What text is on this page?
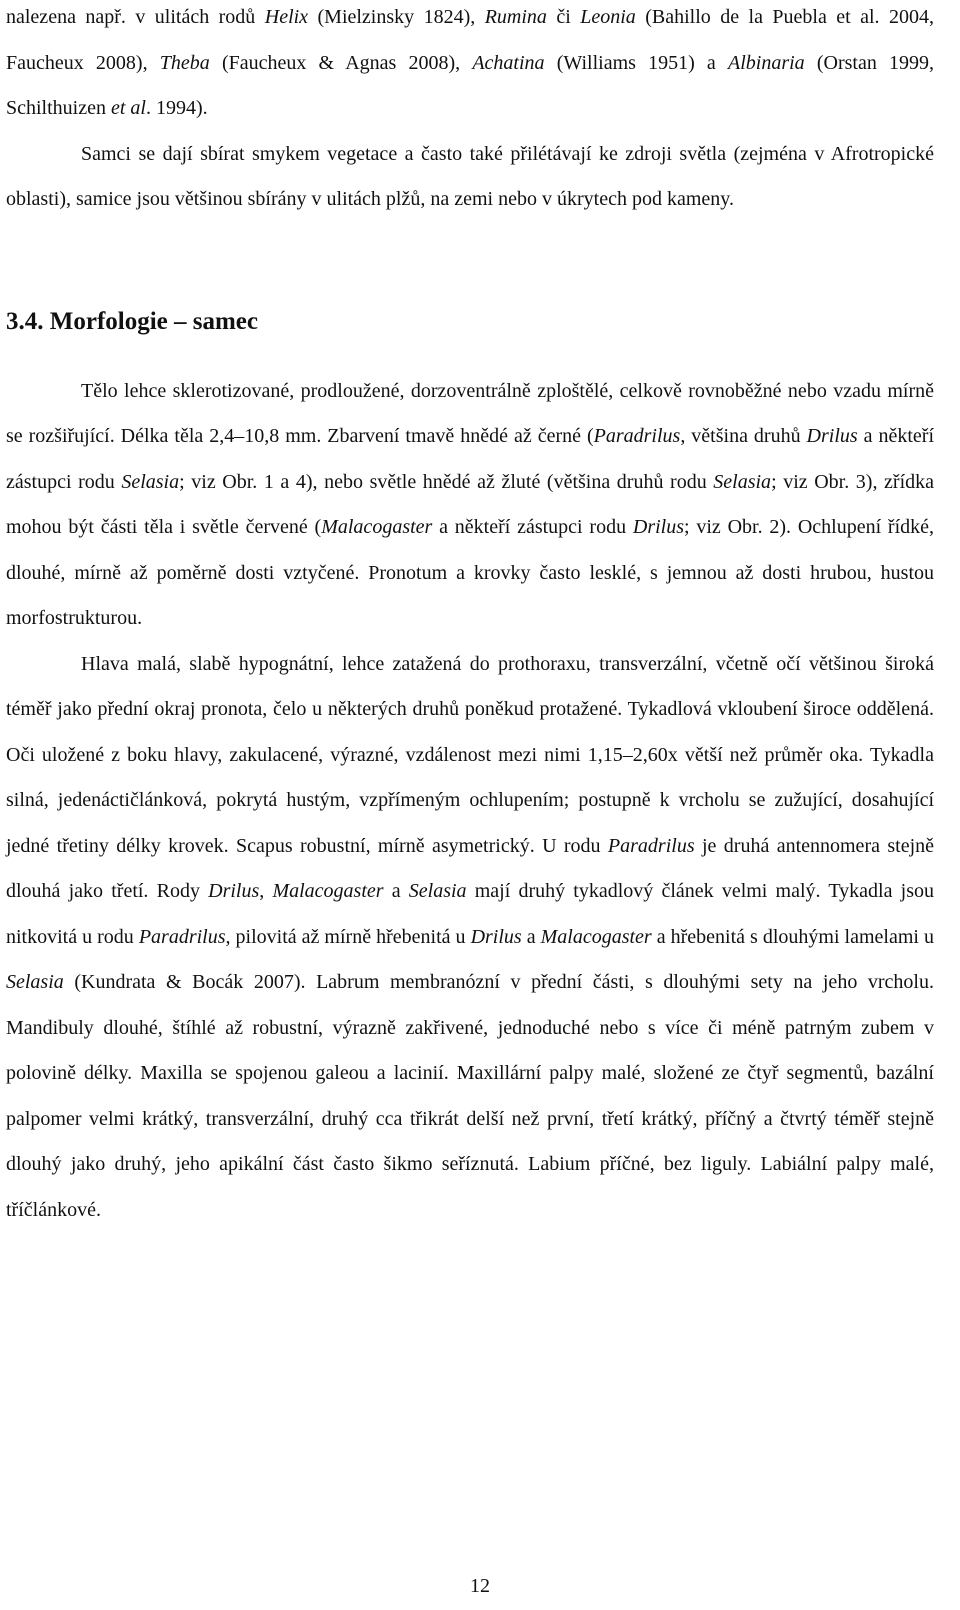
nalezena např. v ulitách rodů Helix (Mielzinsky 1824), Rumina či Leonia (Bahillo de la Puebla et al. 2004, Faucheux 2008), Theba (Faucheux & Agnas 2008), Achatina (Williams 1951) a Albinaria (Orstan 1999, Schilthuizen et al. 1994).

Samci se dají sbírat smykem vegetace a často také přilétávají ke zdroji světla (zejména v Afrotropické oblasti), samice jsou většinou sbírány v ulitách plžů, na zemi nebo v úkrytech pod kameny.

3.4. Morfologie – samec

Tělo lehce sklerotizované, prodloužené, dorzoventrálně zploštělé, celkově rovnoběžné nebo vzadu mírně se rozšiřující. Délka těla 2,4–10,8 mm. Zbarvení tmavě hnědé až černé (Paradrilus, většina druhů Drilus a někteří zástupci rodu Selasia; viz Obr. 1 a 4), nebo světle hnědé až žluté (většina druhů rodu Selasia; viz Obr. 3), zřídka mohou být části těla i světle červené (Malacogaster a někteří zástupci rodu Drilus; viz Obr. 2). Ochlupení řídké, dlouhé, mírně až poměrně dosti vztyčené. Pronotum a krovky často lesklé, s jemnou až dosti hrubou, hustou morfostrukturou.

Hlava malá, slabě hypognátní, lehce zatažená do prothoraxu, transverzální, včetně očí většinou široká téměř jako přední okraj pronota, čelo u některých druhů poněkud protažené. Tykadlová vkloubení široce oddělená. Oči uložené z boku hlavy, zakulacené, výrazné, vzdálenost mezi nimi 1,15–2,60x větší než průměr oka. Tykadla silná, jedenáctičlánková, pokrytá hustým, vzpřímeným ochlupením; postupně k vrcholu se zužující, dosahující jedné třetiny délky krovek. Scapus robustní, mírně asymetrický. U rodu Paradrilus je druhá antennomera stejně dlouhá jako třetí. Rody Drilus, Malacogaster a Selasia mají druhý tykadlový článek velmi malý. Tykadla jsou nitkovitá u rodu Paradrilus, pilovitá až mírně hřebenitá u Drilus a Malacogaster a hřebenitá s dlouhými lamelami u Selasia (Kundrata & Bocák 2007). Labrum membranózní v přední části, s dlouhými sety na jeho vrcholu. Mandibuly dlouhé, štíhlé až robustní, výrazně zakřivené, jednoduché nebo s více či méně patrným zubem v polovině délky. Maxilla se spojenou galeou a lacinií. Maxillární palpy malé, složené ze čtyř segmentů, bazální palpomer velmi krátký, transverzální, druhý cca třikrát delší než první, třetí krátký, příčný a čtvrtý téměř stejně dlouhý jako druhý, jeho apikální část často šikmo seříznutá. Labium příčné, bez liguly. Labiální palpy malé, tříčlánkové.

12
